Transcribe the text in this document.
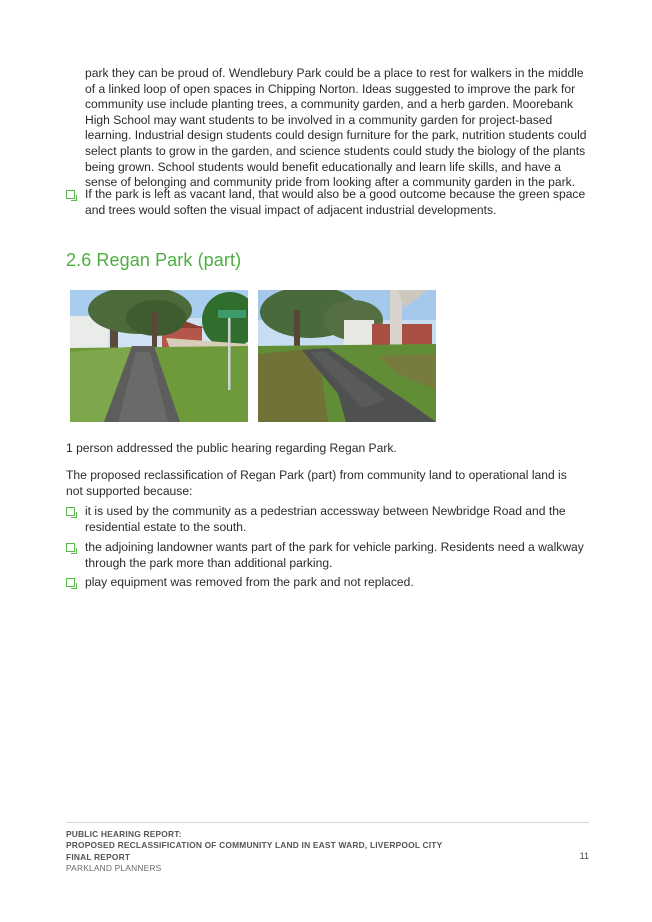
park they can be proud of. Wendlebury Park could be a place to rest for walkers in the middle of a linked loop of open spaces in Chipping Norton. Ideas suggested to improve the park for community use include planting trees, a community garden, and a herb garden. Moorebank High School may want students to be involved in a community garden for project-based learning. Industrial design students could design furniture for the park, nutrition students could select plants to grow in the garden, and science students could study the biology of the plants being grown. School students would benefit educationally and learn life skills, and have a sense of belonging and community pride from looking after a community garden in the park.

If the park is left as vacant land, that would also be a good outcome because the green space and trees would soften the visual impact of adjacent industrial developments.
2.6 Regan Park (part)

1 person addressed the public hearing regarding Regan Park.

The proposed reclassification of Regan Park (part) from community land to operational land is not supported because:

it is used by the community as a pedestrian accessway between Newbridge Road and the residential estate to the south.
the adjoining landowner wants part of the park for vehicle parking. Residents need a walkway through the park more than additional parking.
play equipment was removed from the park and not replaced.
PUBLIC HEARING REPORT:
PROPOSED RECLASSIFICATION OF COMMUNITY LAND IN EAST WARD, LIVERPOOL CITY
FINAL REPORT
PARKLAND PLANNERS
11
